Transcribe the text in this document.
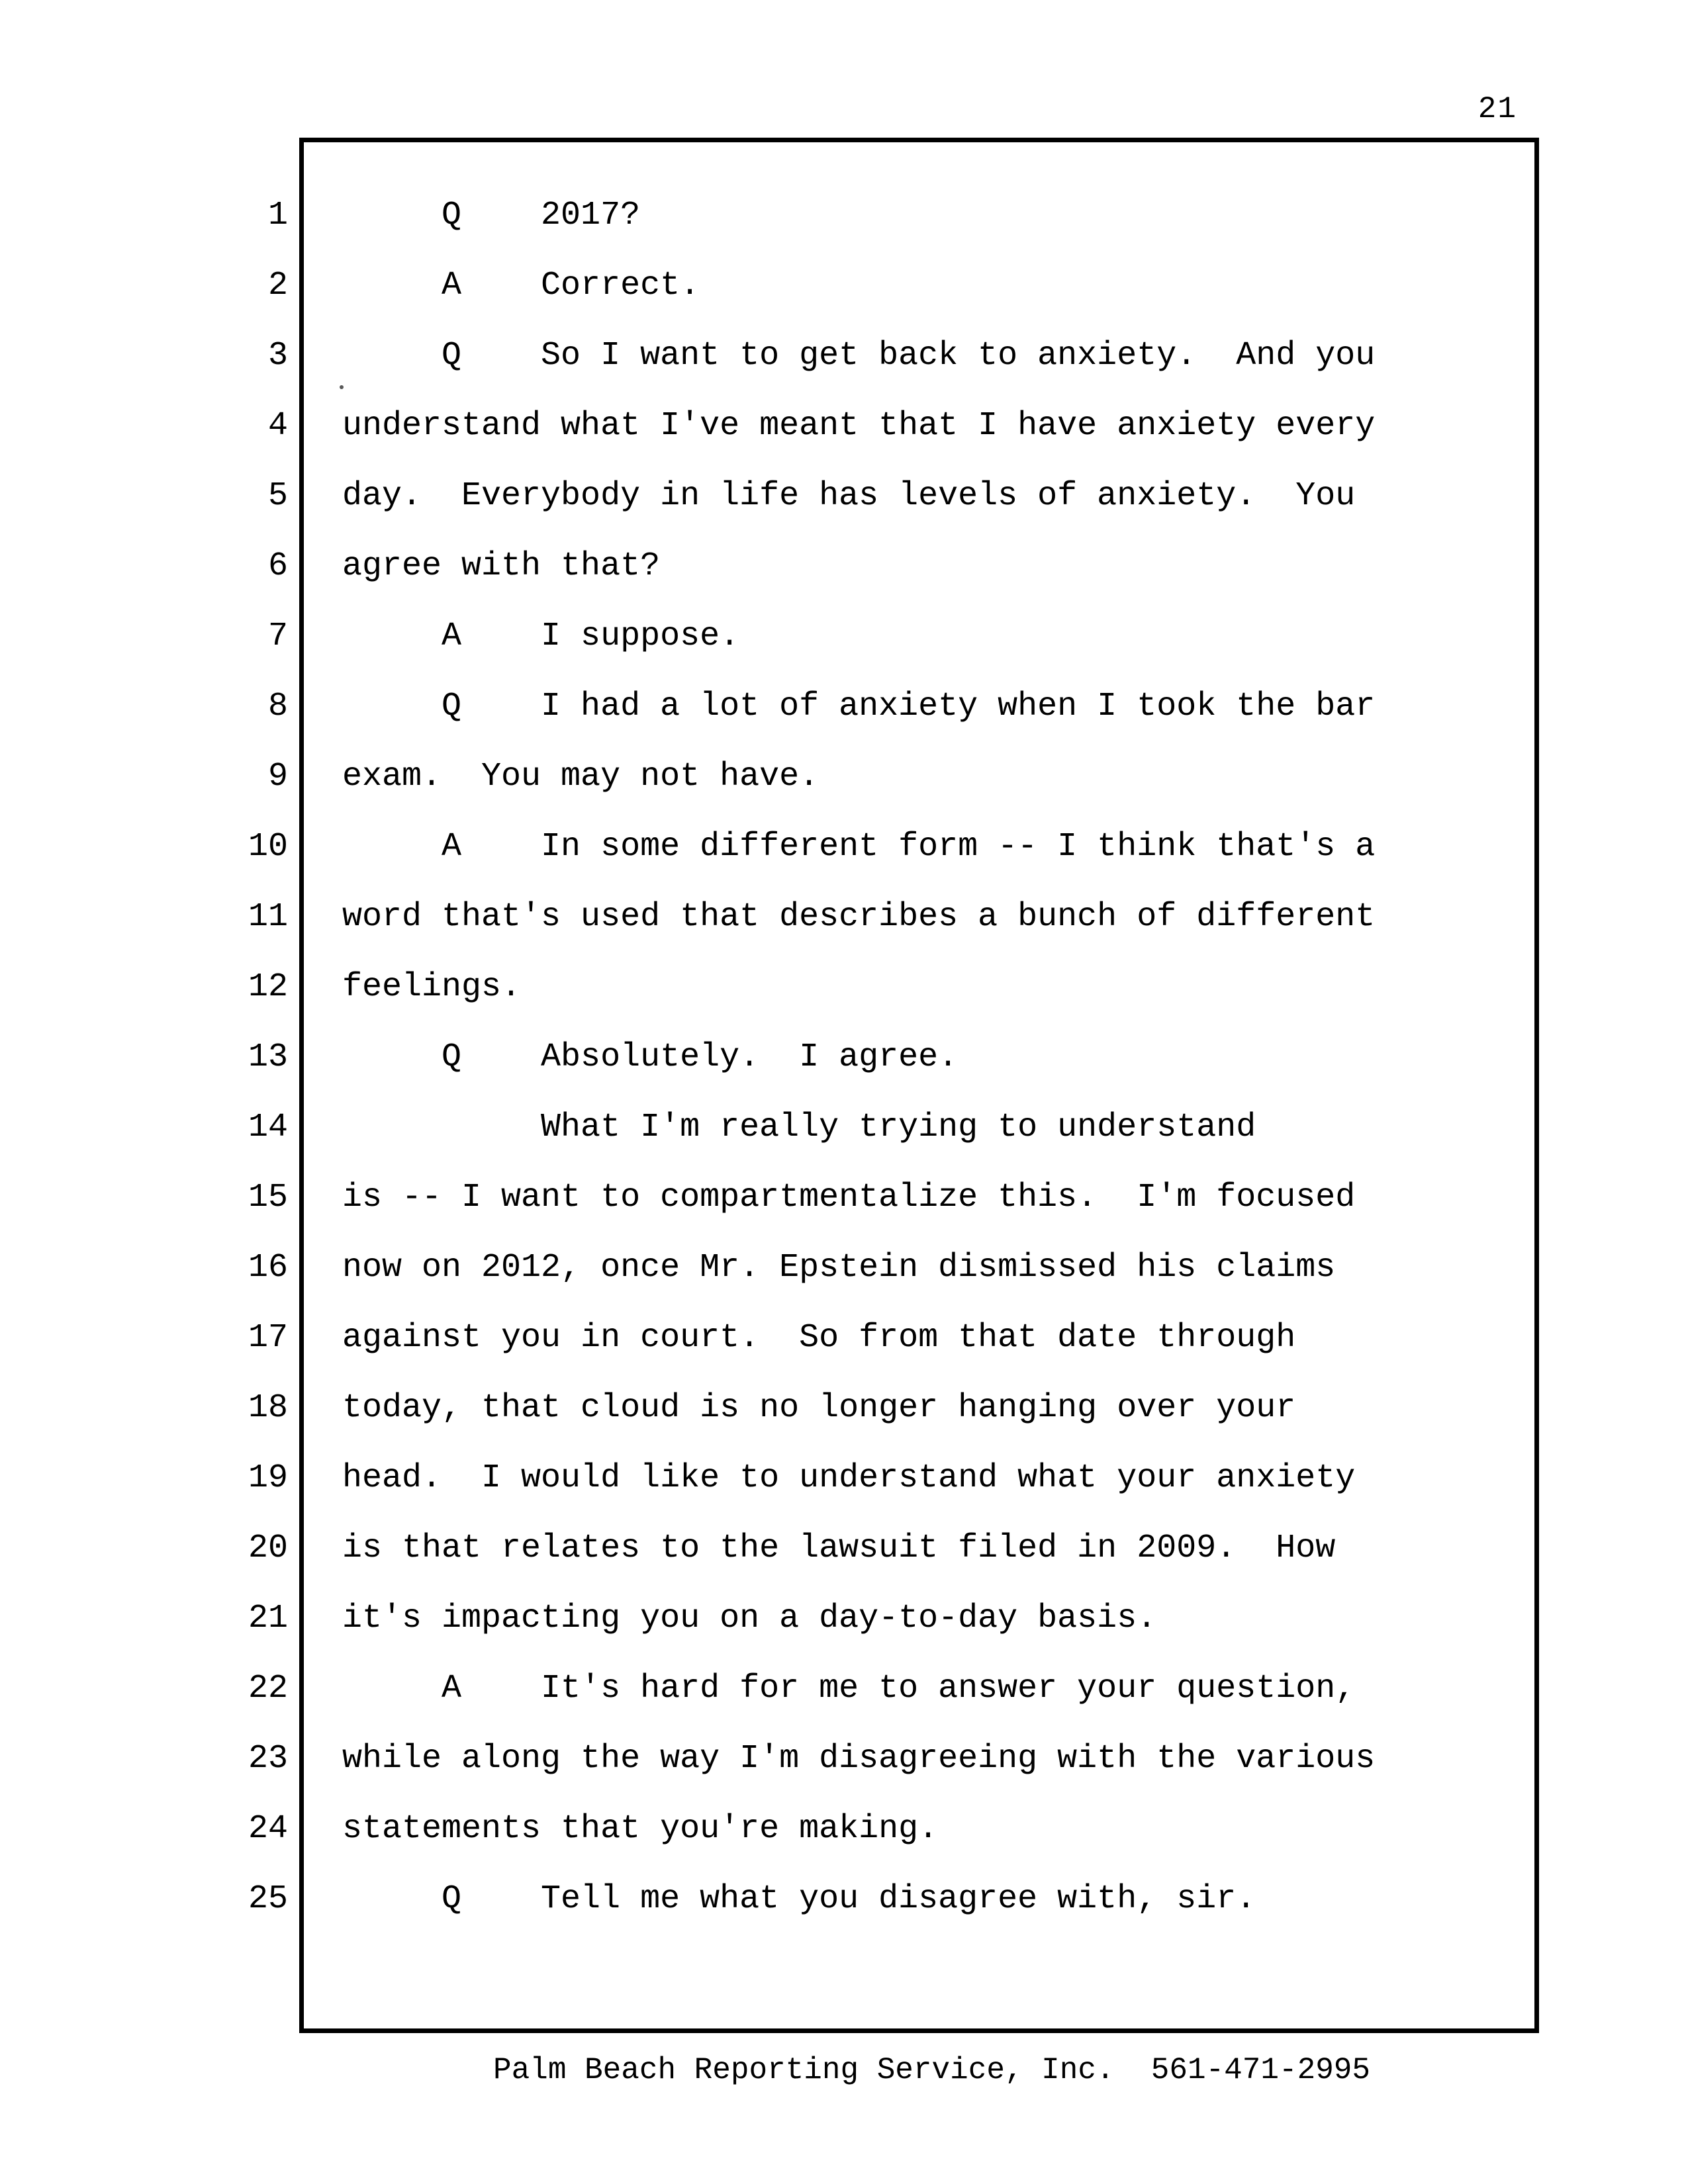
21
1 Q    2017?
2 A    Correct.
3 Q    So I want to get back to anxiety.  And you
4 understand what I've meant that I have anxiety every
5 day.  Everybody in life has levels of anxiety.  You
6 agree with that?
7 A    I suppose.
8 Q    I had a lot of anxiety when I took the bar
9 exam.  You may not have.
10 A    In some different form -- I think that's a
11 word that's used that describes a bunch of different
12 feelings.
13 Q    Absolutely.  I agree.
14 What I'm really trying to understand
15 is -- I want to compartmentalize this.  I'm focused
16 now on 2012, once Mr. Epstein dismissed his claims
17 against you in court.  So from that date through
18 today, that cloud is no longer hanging over your
19 head.  I would like to understand what your anxiety
20 is that relates to the lawsuit filed in 2009.  How
21 it's impacting you on a day-to-day basis.
22 A    It's hard for me to answer your question,
23 while along the way I'm disagreeing with the various
24 statements that you're making.
25 Q    Tell me what you disagree with, sir.
Palm Beach Reporting Service, Inc.  561-471-2995
